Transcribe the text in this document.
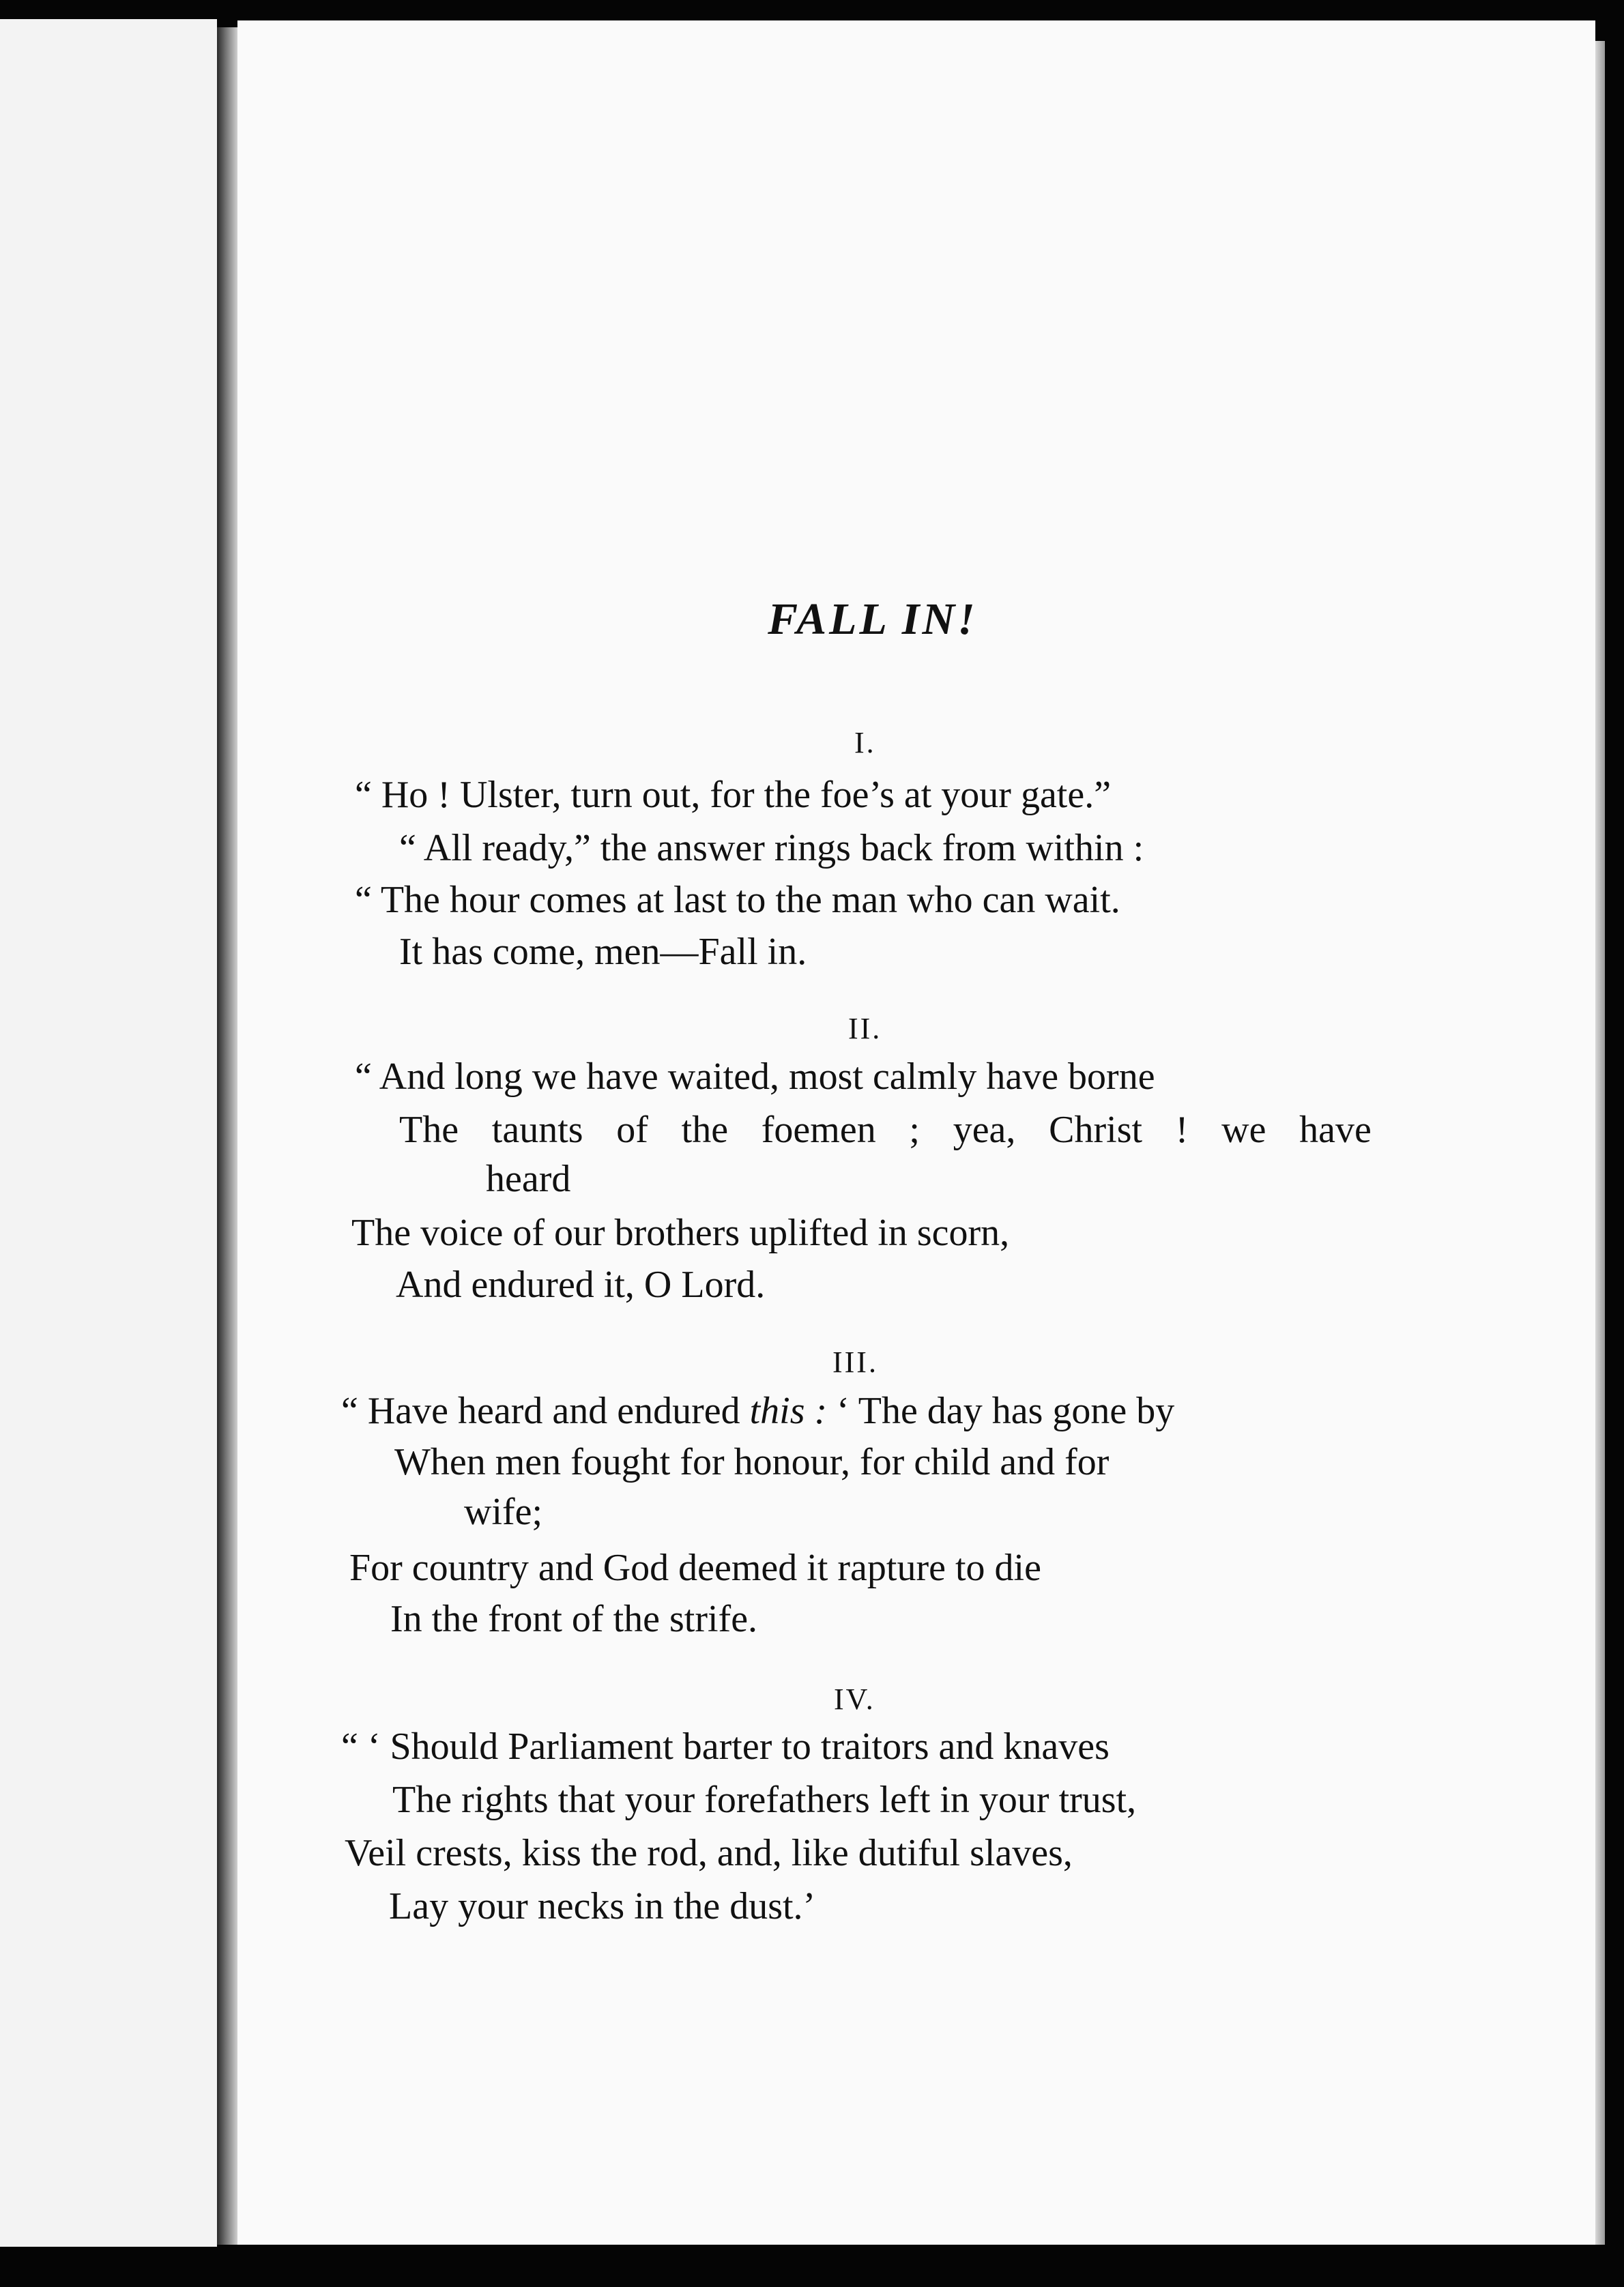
FALL IN!
I.
“ Ho ! Ulster, turn out, for the foe’s at your gate.”
“ All ready,” the answer rings back from within :
“ The hour comes at last to the man who can wait.
It has come, men—Fall in.
II.
“ And long we have waited, most calmly have borne
The taunts of the foemen ; yea, Christ ! we have
heard
The voice of our brothers uplifted in scorn,
And endured it, O Lord.
III.
“ Have heard and endured this : ‘ The day has gone by
When men fought for honour, for child and for
wife;
For country and God deemed it rapture to die
In the front of the strife.
IV.
“ ‘ Should Parliament barter to traitors and knaves
The rights that your forefathers left in your trust,
Veil crests, kiss the rod, and, like dutiful slaves,
Lay your necks in the dust.’
